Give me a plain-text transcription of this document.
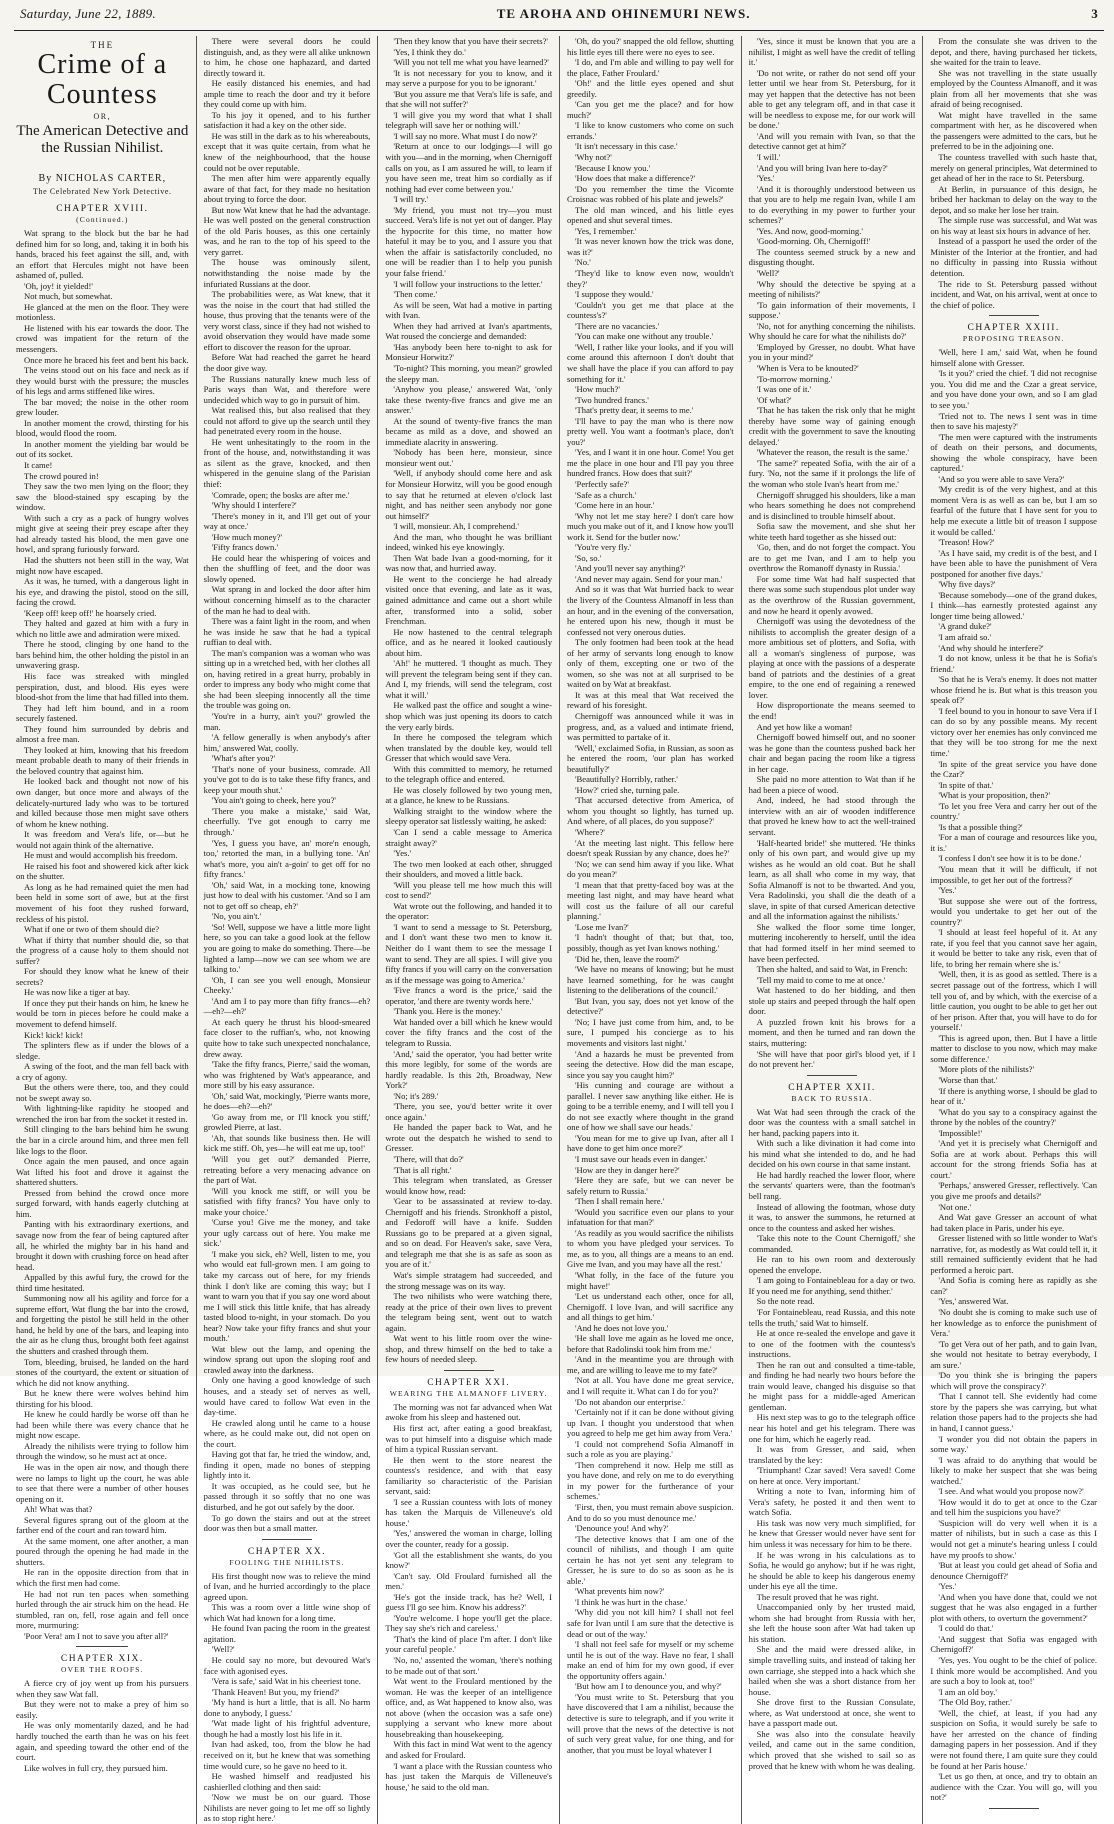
Saturday, June 22, 1889.	TE AROHA AND OHINEMURI NEWS.	3
THE
Crime of a Countess
OR,
The American Detective and the Russian Nihilist.
By NICHOLAS CARTER,
The Celebrated New York Detective.
CHAPTER XVIII.
(Continued.)

Wat sprang to the block but the bar he had defined him for so long, and, taking it in both his hands, braced his feet against the sill, and, with an effort that Hercules might not have been ashamed of, pulled.

'Oh, joy! it yielded!'

Not much, but somewhat.

He glanced at the men on the floor. They were motionless.

He listened with his ear towards the door. The crowd was impatient for the return of the messengers.

Once more he braced his feet and bent his back.

The veins stood out on his face and neck as if they would burst with the pressure; the muscles of his legs and arms stiffened like wires.

The bar moved; the noise in the other room grew louder.

In another moment the crowd, thirsting for his blood, would flood the room.

In another moment the yielding bar would be out of its socket.

It came!

The crowd poured in!

They saw the two men lying on the floor; they saw the blood-stained spy escaping by the window.

With such a cry as a pack of hungry wolves might give at seeing their prey escape after they had already tasted his blood, the men gave one howl, and sprang furiously forward.

Had the shutters not been still in the way, Wat might now have escaped.

As it was, he turned, with a dangerous light in his eye, and drawing the pistol, stood on the sill, facing the crowd.

'Keep off! keep off!' he hoarsely cried.

They halted and gazed at him with a fury in which no little awe and admiration were mixed.

There he stood, clinging by one hand to the bars behind him, the other holding the pistol in an unwavering grasp.

His face was streaked with mingled perspiration, dust, and blood. His eyes were blood-shot from the lime that had filled into them.

They had left him bound, and in a room securely fastened.

They found him surrounded by debris and almost a free man.

They looked at him, knowing that his freedom meant probable death to many of their friends in the beloved country that against him.

He looked back and thought not now of his own danger, but once more and always of the delicately-nurtured lady who was to be tortured and killed because those men might save others of whom he knew nothing.

It was freedom and Vera's life, or—but he would not again think of the alternative.

He must and would accomplish his freedom.

He raised his foot and showered kick after kick on the shutter.

As long as he had remained quiet the men had been held in some sort of awe, but at the first movement of his foot they rushed forward, reckless of his pistol.

What if one or two of them should die?

What if thirty that number should die, so that the progress of a cause holy to them should not suffer?

For should they know what he knew of their secrets?

He was now like a tiger at bay.

If once they put their hands on him, he knew he would be torn in pieces before he could make a movement to defend himself.

Kick! kick! kick!

The splinters flew as if under the blows of a sledge.

A swing of the foot, and the man fell back with a cry of agony.

But the others were there, too, and they could not be swept away so.

With lightning-like rapidity he stooped and wrenched the iron bar from the socket it rested in.

Still clinging to the bars behind him he swung the bar in a circle around him, and three men fell like logs to the floor.

Once again the men paused, and once again Wat lifted his foot and drove it against the shattered shutters.

Pressed from behind the crowd once more surged forward, with hands eagerly clutching at him.

Panting with his extraordinary exertions, and savage now from the fear of being captured after all, he whirled the mighty bar in his hand and brought it down with crushing force on head after head.

Appalled by this awful fury, the crowd for the third time hesitated.

Summoning now all his agility and force for a supreme effort, Wat flung the bar into the crowd, and forgetting the pistol he still held in the other hand, he held by one of the bars, and leaping into the air as he clung thus, brought both feet against the shutters and crashed through them.

Torn, bleeding, bruised, he landed on the hard stones of the courtyard, the extent or situation of which he did not know anything.

But he knew there were wolves behind him thirsting for his blood.

He knew he could hardly be worse off than he had been while there was every chance that he might now escape.

Already the nihilists were trying to follow him through the window, so he must act at once.

He was in the open air now, and though there were no lamps to light up the court, he was able to see that there were a number of other houses opening on it.

Ah! What was that?

Several figures sprang out of the gloom at the farther end of the court and ran toward him.

At the same moment, one after another, a man poured through the opening he had made in the shutters.

He ran in the opposite direction from that in which the first men had come.

He had not run ten paces when something hurled through the air struck him on the head. He stumbled, ran on, fell, rose again and fell once more, murmuring:

'Poor Vera! am I not to save you after all?'

CHAPTER XIX.
OVER THE ROOFS.

A fierce cry of joy went up from his pursuers when they saw Wat fall.

But they were not to make a prey of him so easily.

He was only momentarily dazed, and he had hardly touched the earth than he was on his feet again, and speeding toward the other end of the court.

Like wolves in full cry, they pursued him.

There were several doors he could distinguish, and, as they were all alike unknown to him, he chose one haphazard, and darted directly toward it.

He easily distanced his enemies, and had ample time to reach the door and try it before they could come up with him.

To his joy it opened, and to his further satisfaction it had a key on the other side.

He was still in the dark as to his whereabouts, except that it was quite certain, from what he knew of the neighbourhood, that the house could not be over reputable.

The men after him were apparently equally aware of that fact, for they made no hesitation about trying to force the door.

But now Wat knew that he had the advantage. He was well posted on the general construction of the old Paris houses, as this one certainly was, and he ran to the top of his speed to the very garret.

The house was ominously silent, notwithstanding the noise made by the infuriated Russians at the door.

The probabilities were, as Wat knew, that it was the noise in the court that had stilled the house, thus proving that the tenants were of the very worst class, since if they had not wished to avoid observation they would have made some effort to discover the reason for the uproar.

Before Wat had reached the garret he heard the door give way.

The Russians naturally knew much less of Paris ways than Wat, and therefore were undecided which way to go in pursuit of him.

Wat realised this, but also realised that they could not afford to give up the search until they had penetrated every room in the house.

He went unhesitatingly to the room in the front of the house, and, notwithstanding it was as silent as the grave, knocked, and then whispered in the genuine slang of the Parisian thief:

'Comrade, open; the bosks are after me.'

'Why should I interfere?'

'There's money in it, and I'll get out of your way at once.'

'How much money?'

'Fifty francs down.'

He could hear the whispering of voices and then the shuffling of feet, and the door was slowly opened.

Wat sprang in and locked the door after him without concerning himself as to the character of the man he had to deal with.

There was a faint light in the room, and when he was inside he saw that he had a typical ruffian to deal with.

The man's companion was a woman who was sitting up in a wretched bed, with her clothes all on, having retired in a great hurry, probably in order to impress any body who might come that she had been sleeping innocently all the time the trouble was going on.

'You're in a hurry, ain't you?' growled the man.

'A fellow generally is when anybody's after him,' answered Wat, coolly.

'What's after you?'

'That's none of your business, comrade. All you've got to do is to take these fifty francs, and keep your mouth shut.'

'You ain't going to cheek, here you?'

'There you make a mistake,' said Wat, cheerfully. 'I've got enough to carry me through.'

'Yes, I guess you have, an' more'n enough, too,' retorted the man, in a bullying tone. 'An' what's more, you ain't a-goin' to get off for no fifty francs.'

'Oh,' said Wat, in a mocking tone, knowing just how to deal with his customer. 'And so I am not to get off so cheap, eh?'

'No, you ain't.'

'So! Well, suppose we have a little more light here, so you can take a good look at the fellow you are going to make do something. There—be lighted a lamp—now we can see whom we are talking to.'

'Oh, I can see you well enough, Monsieur Cheeky.'

'And am I to pay more than fifty francs—eh?—eh?—eh?'

At each query he thrust his blood-smeared face closer to the ruffian's, who, not knowing quite how to take such unexpected nonchalance, drew away.

'Take the fifty francs, Pierre,' said the woman, who was frightened by Wat's appearance, and more still by his easy assurance.

'Oh,' said Wat, mockingly, 'Pierre wants more, he does—eh?—eh?'

'Go away from me, or I'll knock you stiff,' growled Pierre, at last.

'Ah, that sounds like business then. He will kick me stiff. Oh, yes—he will eat me up, too!'

'Will you get out?' demanded Pierre, retreating before a very menacing advance on the part of Wat.

'Will you knock me stiff, or will you be satisfied with fifty francs? You have only to make your choice.'

'Curse you! Give me the money, and take your ugly carcass out of here. You make me sick.'

'I make you sick, eh? Well, listen to me, you who would eat full-grown men. I am going to take my carcass out of here, for my friends think I don't like are coming this way; but I want to warn you that if you say one word about me I will stick this little knife, that has already tasted blood to-night, in your stomach. Do you hear? Now take your fifty francs and shut your mouth.'

Wat blew out the lamp, and opening the window sprang out upon the sloping roof and crawled away into the darkness.

Only one having a good knowledge of such houses, and a steady set of nerves as well, would have cared to follow Wat even in the day-time.

He crawled along until he came to a house where, as he could make out, did not open on the court.

Having got that far, he tried the window, and, finding it open, made no bones of stepping lightly into it.

It was occupied, as he could see, but he passed through it so softly that no one was disturbed, and he got out safely by the door.

To go down the stairs and out at the street door was then but a small matter.

CHAPTER XX.
FOOLING THE NIHILISTS.

His first thought now was to relieve the mind of Ivan, and he hurried accordingly to the place agreed upon.

This was a room over a little wine shop of which Wat had known for a long time.

He found Ivan pacing the room in the greatest agitation.

'Well?'

He could say no more, but devoured Wat's face with agonised eyes.

'Vera is safe,' said Wat in his cheeriest tone.

'Thank Heaven! But you, my friend?'

'My hand is hurt a little, that is all. No harm done to anybody, I guess.'

'Wat made light of his frightful adventure, though he had a mostly lost his life in it.

Ivan had asked, too, from the blow he had received on it, but he knew that was something time would cure, so he gave no heed to it.

He washed himself and readjusted his cashierlled clothing and then said:

'Now we must be on our guard. Those Nihilists are never going to let me off so lightly as to stop right here.'

'Then they know that you have their secrets?'

'Yes, I think they do.'

'Will you not tell me what you have learned?'

'It is not necessary for you to know, and it may serve a purpose for you to be ignorant.'

'But you assure me that Vera's life is safe, and that she will not suffer?'

'I will give you my word that what I shall telegraph will save her or nothing will.'

'I will say no more. What must I do now?'

'Return at once to our lodgings—I will go with you—and in the morning, when Chernigoff calls on you, as I am assured he will, to learn if you have seen me, treat him so cordially as if nothing had ever come between you.'

'I will try.'

'My friend, you must not try—you must succeed. Vera's life is not yet out of danger. Play the hypocrite for this time, no matter how hateful it may be to you, and I assure you that when the affair is satisfactorily concluded, no one will be readier than I to help you punish your false friend.'

'I will follow your instructions to the letter.'

'Then come.'

As will be seen, Wat had a motive in parting with Ivan.

When they had arrived at Ivan's apartments, Wat roused the concierge and demanded:

'Has anybody been here to-night to ask for Monsieur Horwitz?'

'To-night? This morning, you mean?' growled the sleepy man.

'Anyhow you please,' answered Wat, 'only take these twenty-five francs and give me an answer.'

At the sound of twenty-five francs the man became as mild as a dove, and showed an immediate alacrity in answering.

'Nobody has been here, monsieur, since monsieur went out.'

'Well, if anybody should come here and ask for Monsieur Horwitz, will you be good enough to say that he returned at eleven o'clock last night, and has neither seen anybody nor gone out himself?'

'I will, monsieur. Ah, I comprehend.'

And the man, who thought he was brilliant indeed, winked his eye knowingly.

Then Wat bade Ivan a good-morning, for it was now that, and hurried away.

He went to the concierge he had already visited once that evening, and late as it was, gained admittance and came out a short while after, transformed into a solid, sober Frenchman.

He now hastened to the central telegraph office, and as he neared it looked cautiously about him.

'Ah!' he muttered. 'I thought as much. They will prevent the telegram being sent if they can. And I, my friends, will send the telegram, cost what it will.'

He walked past the office and sought a wine-shop which was just opening its doors to catch the very early birds.

In there he composed the telegram which when translated by the double key, would tell Gresser that which would save Vera.

With this committed to memory, he returned to the telegraph office and entered.

He was closely followed by two young men, at a glance, he knew to be Russians.

Walking straight to the window where the sleepy operator sat listlessly waiting, he asked:

'Can I send a cable message to America straight away?'

'Yes.'

The two men looked at each other, shrugged their shoulders, and moved a little back.

'Will you please tell me how much this will cost to send?'

Wat wrote out the following, and handed it to the operator:

'I want to send a message to St. Petersburg, and I don't want these two men to know it. Neither do I want them to see the message I want to send. They are all spies. I will give you fifty francs if you will carry on the conversation as if the message was going to America.'

'Five francs a word is the price,' said the operator, 'and there are twenty words here.'

'Thank you. Here is the money.'

Wat handed over a bill which he knew would cover the fifty francs and the cost of the telegram to Russia.

'And,' said the operator, 'you had better write this more legibly, for some of the words are hardly readable. Is this 2th, Broadway, New York?'

'No; it's 289.'

'There, you see, you'd better write it over once again.'

He handed the paper back to Wat, and he wrote out the despatch he wished to send to Gresser.

'There, will that do?'

'That is all right.'

This telegram when translated, as Gresser would know how, read:

'Gear to be assassinated at review to-day. Chernigoff and his friends. Stronkhoff a pistol, and Fedoroff will have a knife. Sudden Russians go to be prepared at a given signal, and so on dead. For Heaven's sake, save Vera, and telegraph me that she is as safe as soon as you are of it.'

Wat's simple stratagem had succeeded, and the strong message was on its way.

The two nihilists who were watching there, ready at the price of their own lives to prevent the telegram being sent, went out to watch again.

Wat went to his little room over the wine-shop, and threw himself on the bed to take a few hours of needed sleep.

CHAPTER XXI.
WEARING THE ALMANOFF LIVERY.

The morning was not far advanced when Wat awoke from his sleep and hastened out.

His first act, after eating a good breakfast, was to put himself into a disguise which made of him a typical Russian servant.

He then went to the store nearest the countess's residence, and with that easy familiarity so characteristic of the Parisian servant, said:

'I see a Russian countess with lots of money has taken the Marquis de Villeneuve's old house.'

'Yes,' answered the woman in charge, lolling over the counter, ready for a gossip.

'Got all the establishment she wants, do you know?'

'Can't say. Old Froulard furnished all the men.'

'He's got the inside track, has he? Well, I guess I'll go see him. Know his address?'

'You're welcome. I hope you'll get the place. They say she's rich and careless.'

'That's the kind of place I'm after. I don't like your careful people.'

'No, no,' assented the woman, 'there's nothing to be made out of that sort.'

Wat went to the Froulard mentioned by the woman. He was the keeper of an intelligence office, and, as Wat happened to know also, was not above (when the occasion was a safe one) supplying a servant who knew more about housebreaking than housekeeping.

With this fact in mind Wat went to the agency and asked for Froulard.

'I want a place with the Russian countess who has just taken the Marquis de Villeneuve's house,' he said to the old man.

'Oh, do you?' snapped the old fellow, shutting his little eyes till there were no eyes to see.

'I do, and I'm able and willing to pay well for the place, Father Froulard.'

'Oh!' and the little eyes opened and shut greedily.

'Can you get me the place? and for how much?'

'I like to know customers who come on such errands.'

'It isn't necessary in this case.'

'Why not?'

'Because I know you.'

'How does that make a difference?'

'Do you remember the time the Vicomte Croisnac was robbed of his plate and jewels?'

The old man winced, and his little eyes opened and shut several times.

'Yes, I remember.'

'It was never known how the trick was done, was it?'

'No.'

'They'd like to know even now, wouldn't they?'

'I suppose they would.'

'Couldn't you get me that place at the countess's?'

'There are no vacancies.'

'You can make one without any trouble.'

'Well, I rather like your looks, and if you will come around this afternoon I don't doubt that we shall have the place if you can afford to pay something for it.'

'How much?'

'Two hundred francs.'

'That's pretty dear, it seems to me.'

'I'll have to pay the man who is there now pretty well. You want a footman's place, don't you?'

'Yes, and I want it in one hour. Come! You get me the place in one hour and I'll pay you three hundred francs. How does that suit?'

'Perfectly safe?'

'Safe as a church.'

'Come here in an hour.'

'Why not let me stay here? I don't care how much you make out of it, and I know how you'll work it. Send for the butler now.'

'You're very fly.'

'So, so.'

'And you'll never say anything?'

'And never may again. Send for your man.'

And so it was that Wat hurried back to wear the livery of the Countess Almanoff in less than an hour, and in the evening of the conversation, he entered upon his new, though it must be confessed not very onerous duties.

The only footmen had been took at the head of her army of servants long enough to know only of them, excepting one or two of the women, so she was not at all surprised to be waited on by Wat at breakfast.

It was at this meal that Wat received the reward of his foresight.

Chernigoff was announced while it was in progress, and, as a valued and intimate friend, was permitted to partake of it.

'Well,' exclaimed Sofia, in Russian, as soon as he entered the room, 'our plan has worked beautifully?'

'Beautifully? Horribly, rather.'

'How?' cried she, turning pale.

'That accursed detective from America, of whom you thought so lightly, has turned up. And where, of all places, do you suppose?'

'Where?'

'At the meeting last night. This fellow here doesn't speak Russian by any chance, does he?'

'No; we can send him away if you like. What do you mean?'

'I mean that that pretty-faced boy was at the meeting last night, and may have heard what will cost us the failure of all our careful planning.'

'Lose me Ivan?'

'I hadn't thought of that; but that, too, possibly, though as yet Ivan knows nothing.'

'Did he, then, leave the room?'

'We have no means of knowing; but he must have learned something, for he was caught listening to the deliberations of the council.'

'But Ivan, you say, does not yet know of the detective?'

'No; I have just come from him, and, to be sure, I pumped his concierge as to his movements and visitors last night.'

'And a hazards he must be prevented from seeing the detective. How did the man escape, since you say you caught him?'

'His cunning and courage are without a parallel. I never saw anything like either. He is going to be a terrible enemy, and I will tell you I do not see exactly where thought in the grand one of how we shall save our heads.'

'You mean for me to give up Ivan, after all I have done to get him once more?'

'I must save our heads even in danger.'

'How are they in danger here?'

'Here they are safe, but we can never be safely return to Russia.'

'Then I shall remain here.'

'Would you sacrifice even our plans to your infatuation for that man?'

'As readily as you would sacrifice the nihilists to whom you have pledged your services. To me, as to you, all things are a means to an end. Give me Ivan, and you may have all the rest.'

'What folly, in the face of the future you might have!'

'Let us understand each other, once for all, Chernigoff. I love Ivan, and will sacrifice any and all things to get him.'

'And he does not love you.'

'He shall love me again as he loved me once, before that Radolinski took him from me.'

'And in the meantime you are through with me, and are willing to leave me to my fate?'

'Not at all. You have done me great service, and I will requite it. What can I do for you?'

'Do not abandon our enterprise.'

'Certainly not if it can be done without giving up Ivan. I thought you understood that when you agreed to help me get him away from Vera.'

'I could not comprehend Sofia Almanoff in such a role as you are playing.'

'Then comprehend it now. Help me still as you have done, and rely on me to do everything in my power for the furtherance of your schemes.'

'First, then, you must remain above suspicion. And to do so you must denounce me.'

'Denounce you! And why?'

'The detective knows that I am one of the council of nihilists, and though I am quite certain he has not yet sent any telegram to Gresser, he is sure to do so as soon as he is able.'

'What prevents him now?'

'I think he was hurt in the chase.'

'Why did you not kill him? I shall not feel safe for Ivan until I am sure that the detective is dead or out of the way.'

'I shall not feel safe for myself or my scheme until he is out of the way. Have no fear, I shall make an end of him for my own good, if ever the opportunity offers again.'

'But how am I to denounce you, and why?'

'You must write to St. Petersburg that you have discovered that I am a nihilist, because the detective is sure to telegraph, and if you write it will prove that the news of the detective is not of such very great value, for one thing, and for another, that you must be loyal whatever I

'Yes, since it must be known that you are a nihilist, I might as well have the credit of telling it.'

'Do not write, or rather do not send off your letter until we hear from St. Petersburg, for it may yet happen that the detective has not been able to get any telegram off, and in that case it will be needless to expose me, for our work will be done.'

'And will you remain with Ivan, so that the detective cannot get at him?'

'I will.'

'And you will bring Ivan here to-day?'

'Yes.'

'And it is thoroughly understood between us that you are to help me regain Ivan, while I am to do everything in my power to further your schemes?'

'Yes. And now, good-morning.'

'Good-morning. Oh, Chernigoff!'

The countess seemed struck by a new and disgusting thought.

'Well?'

'Why should the detective be spying at a meeting of nihilists?'

'To gain information of their movements, I suppose.'

'No, not for anything concerning the nihilists. Why should he care for what the nihilists do?'

'Employed by Gresser, no doubt. What have you in your mind?'

'When is Vera to be knouted?'

'To-morrow morning.'

'I was one of it.'

'Of what?'

'That he has taken the risk only that he might thereby have some way of gaining enough credit with the government to save the knouting delayed.'

'Whatever the reason, the result is the same.'

'The same?' repeated Sofia, with the air of a fury. 'No, not the same if it prolongs the life of the woman who stole Ivan's heart from me.'

Chernigoff shrugged his shoulders, like a man who hears something he does not comprehend and is disinclined to trouble himself about.

Sofia saw the movement, and she shut her white teeth hard together as she hissed out:

'Go, then, and do not forget the compact. You are to get me Ivan, and I am to help you overthrow the Romanoff dynasty in Russia.'

For some time Wat had half suspected that there was some such stupendous plot under way as the overthrow of the Russian government, and now he heard it openly avowed.

Chernigoff was using the devotedness of the nihilists to accomplish the greater design of a more ambitious set of plotters, and Sofia, with all a woman's singleness of purpose, was playing at once with the passions of a desperate band of patriots and the destinies of a great empire, to the one end of regaining a renewed lover.

How disproportionate the means seemed to the end!

And yet how like a woman!

Chernigoff bowed himself out, and no sooner was he gone than the countess pushed back her chair and began pacing the room like a tigress in her cage.

She paid no more attention to Wat than if he had been a piece of wood.

And, indeed, he had stood through the interview with an air of wooden indifference that proved he knew how to act the well-trained servant.

'Half-hearted bride!' she muttered. 'He thinks only of his own part, and would give up my wishes as he would an old coat. But he shall learn, as all shall who come in my way, that Sofia Almanoff is not to be thwarted. And you, Vera Radolinski, you shall die the death of a slave, in spite of that cursed American detective and all the information against the nihilists.'

She walked the floor some time longer, muttering incoherently to herself, until the idea that had formed itself in her mind seemed to have been perfected.

Then she halted, and said to Wat, in French:

'Tell my maid to come to me at once.'

Wat hastened to do her bidding, and then stole up stairs and peeped through the half open door.

A puzzled frown knit his brows for a moment, and then he turned and ran down the stairs, muttering:

'She will have that poor girl's blood yet, if I do not prevent her.'

CHAPTER XXII.
BACK TO RUSSIA.

Wat Wat had seen through the crack of the door was the countess with a small satchel in her hand, packing papers into it.

With such a like divination it had come into his mind what she intended to do, and he had decided on his own course in that same instant.

He had hardly reached the lower floor, where the servants' quarters were, than the footman's bell rang.

Instead of allowing the footman, whose duty it was, to answer the summons, he returned at once to the countess and asked her wishes.

'Take this note to the Count Chernigoff,' she commanded.

He ran to his own room and dexterously opened the envelope.

'I am going to Fontainebleau for a day or two. If you need me for anything, send thither.'

So the note read.

'For Fontainebleau, read Russia, and this note tells the truth,' said Wat to himself.

He at once re-sealed the envelope and gave it to one of the footmen with the countess's instructions.

Then he ran out and consulted a time-table, and finding he had nearly two hours before the train would leave, changed his disguise so that he might pass for a middle-aged American gentleman.

His next step was to go to the telegraph office near his hotel and get his telegram. There was one for him, which he eagerly read.

It was from Gresser, and said, when translated by the key:

'Triumphant! Czar saved! Vera saved! Come on here at once. Very important.'

Writing a note to Ivan, informing him of Vera's safety, he posted it and then went to watch Sofia.

His task was now very much simplified, for he knew that Gresser would never have sent for him unless it was necessary for him to be there.

If he was wrong in his calculations as to Sofia, he would go anyhow; but if he was right, he should be able to keep his dangerous enemy under his eye all the time.

The result proved that he was right.

Unaccompanied only by her trusted maid, whom she had brought from Russia with her, she left the house soon after Wat had taken up his station.

She and the maid were dressed alike, in simple travelling suits, and instead of taking her own carriage, she stepped into a hack which she hailed when she was a short distance from her house.

She drove first to the Russian Consulate, where, as Wat understood at once, she went to have a passport made out.

She was also into the consulate heavily veiled, and came out in the same condition, which proved that she wished to sail so as proved that he knew with whom he was dealing.

From the consulate she was driven to the depot, and there, having purchased her tickets, she waited for the train to leave.

She was not travelling in the state usually employed by the Countess Almanoff, and it was plain from all her movements that she was afraid of being recognised.

Wat might have travelled in the same compartment with her, as he discovered when the passengers were admitted to the cars, but he preferred to be in the adjoining one.

The countess travelled with such haste that, merely on general principles, Wat determined to get ahead of her in the race to St. Petersburg.

At Berlin, in pursuance of this design, he bribed her hackman to delay on the way to the depot, and so make her lose her train.

The simple ruse was successful, and Wat was on his way at least six hours in advance of her.

Instead of a passport he used the order of the Minister of the Interior at the frontier, and had no difficulty in passing into Russia without detention.

The ride to St. Petersburg passed without incident, and Wat, on his arrival, went at once to the chief of police.

CHAPTER XXIII.
PROPOSING TREASON.

'Well, here I am,' said Wat, when he found himself alone with Gresser.

'Is it you?' cried the chief. 'I did not recognise you. You did me and the Czar a great service, and you have done your own, and so I am glad to see you.'

'Tried not to. The news I sent was in time then to save his majesty?'

'The men were captured with the instruments of death on their persons, and documents, showing the whole conspiracy, have been captured.'

'And so you were able to save Vera?'

'My credit is of the very highest, and at this moment Vera is as well as can be, but I am so fearful of the future that I have sent for you to help me execute a little bit of treason I suppose it would be called.'

'Treason! How?'

'As I have said, my credit is of the best, and I have been able to have the punishment of Vera postponed for another five days.'

'Why five days?'

'Because somebody—one of the grand dukes, I think—has earnestly protested against any longer time being allowed.'

'A grand duke?'

'I am afraid so.'

'And why should he interfere?'

'I do not know, unless it be that he is Sofia's friend.'

'So that he is Vera's enemy. It does not matter whose friend he is. But what is this treason you speak of?'

'I feel bound to you in honour to save Vera if I can do so by any possible means. My recent victory over her enemies has only convinced me that they will be too strong for me the next time.'

'In spite of the great service you have done the Czar?'

'In spite of that.'

'What is your proposition, then?'

'To let you free Vera and carry her out of the country.'

'Is that a possible thing?'

'For a man of courage and resources like you, it is.'

'I confess I don't see how it is to be done.'

'You mean that it will be difficult, if not impossible, to get her out of the fortress?'

'Yes.'

'But suppose she were out of the fortress, would you undertake to get her out of the country?'

'I should at least feel hopeful of it. At any rate, if you feel that you cannot save her again, it would be better to take any risk, even that of life, to bring her remain where she is.'

'Well, then, it is as good as settled. There is a secret passage out of the fortress, which I will tell you of, and by which, with the exercise of a little caution, you ought to be able to get her out of her prison. After that, you will have to do for yourself.'

'This is agreed upon, then. But I have a little matter to disclose to you now, which may make some difference.'

'More plots of the nihilists?'

'Worse than that.'

'If there is anything worse, I should be glad to hear of it.'

'What do you say to a conspiracy against the throne by the nobles of the country?'

'Impossible!'

'And yet it is precisely what Chernigoff and Sofia are at work about. Perhaps this will account for the strong friends Sofia has at court.'

'Perhaps,' answered Gresser, reflectively. 'Can you give me proofs and details?'

'Not one.'

And Wat gave Gresser an account of what had taken place in Paris, under his eye.

Gresser listened with so little wonder to Wat's narrative, for, as modestly as Wat could tell it, it still remained sufficiently evident that he had performed a heroic part.

'And Sofia is coming here as rapidly as she can?'

'Yes,' answered Wat.

'No doubt she is coming to make such use of her knowledge as to enforce the punishment of Vera.'

'To get Vera out of her path, and to gain Ivan, she would not hesitate to betray everybody, I am sure.'

'Do you think she is bringing the papers which will prove the conspiracy?'

'That I cannot tell. She evidently had come store by the papers she was carrying, but what relation those papers had to the projects she had in hand, I cannot guess.'

'I wonder you did not obtain the papers in some way.'

'I was afraid to do anything that would be likely to make her suspect that she was being watched.'

'I see. And what would you propose now?'

'How would it do to get at once to the Czar and tell him the suspicions you have?'

'Suspicion will do very well when it is a matter of nihilists, but in such a case as this I would not get a minute's hearing unless I could have my proofs to show.'

'But at least you could get ahead of Sofia and denounce Chernigoff?'

'Yes.'

'And when you have done that, could we not suggest that he was also engaged in a further plot with others, to overturn the government?'

'I could do that.'

'And suggest that Sofia was engaged with Chernigoff?'

'Yes, yes. You ought to be the chief of police. I think more would be accomplished. And you are such a boy to look at, too!'

'I am an old boy.'

'The Old Boy, rather.'

'Well, the chief, at least, if you had any suspicion on Sofia, it would surely be safe to have her arrested on the chance of finding damaging papers in her possession. And if they were not found there, I am quite sure they could be found at her Paris house.'

'Let us go then, at once, and try to obtain an audience with the Czar. You will go, will you not?'
